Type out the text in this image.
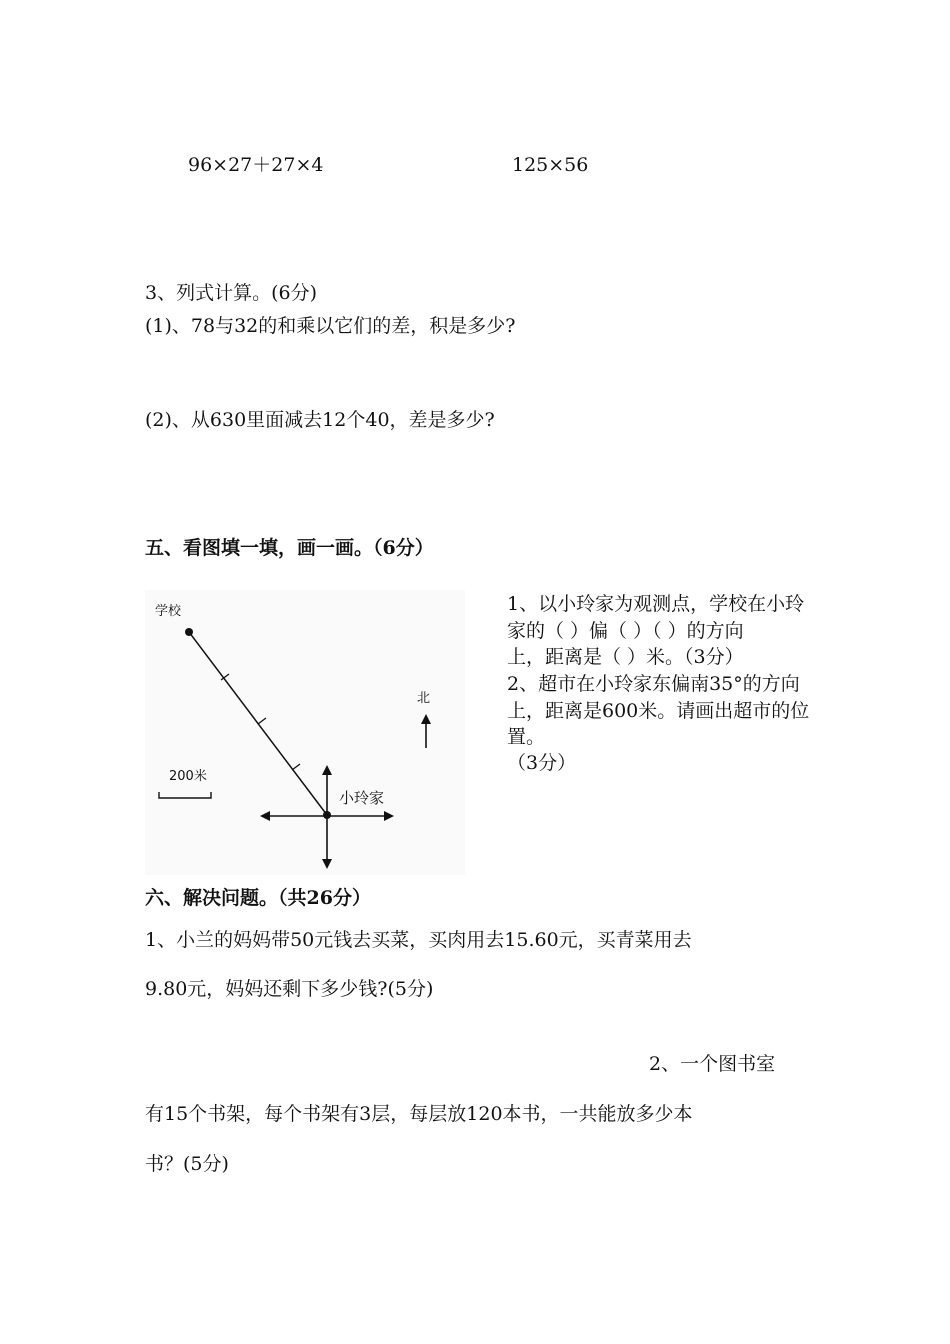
96×27＋27×4	125×56
3、列式计算。(6分)
(1)、78与32的和乘以它们的差，积是多少?
(2)、从630里面减去12个40，差是多少?
五、看图填一填，画一画。（6分）
学校
北
200米
小玲家
1、以小玲家为观测点，学校在小玲
家的（ ）偏（ ）（ ）的方向
上，距离是（ ）米。（3分）
2、超市在小玲家东偏南35°的方向
上，距离是600米。请画出超市的位
置。
（3分）
六、解决问题。（共26分）
1、小兰的妈妈带50元钱去买菜，买肉用去15.60元，买青菜用去
9.80元，妈妈还剩下多少钱?(5分)
2、一个图书室
有15个书架，每个书架有3层，每层放120本书，一共能放多少本
书？(5分)
